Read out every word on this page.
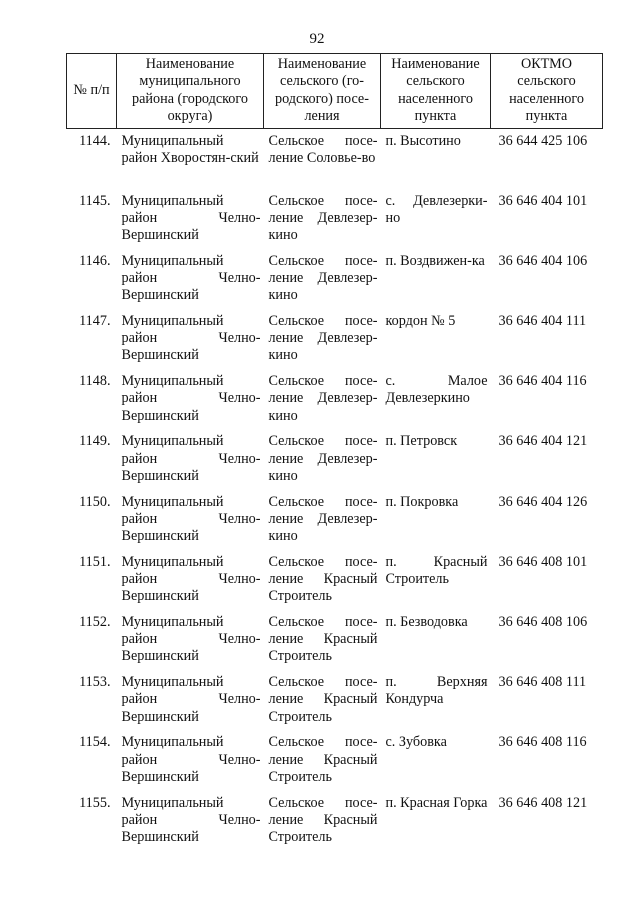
92
№ п/п	Наименование муниципального района (городского округа)	Наименование сельского (го-родского) посе-ления	Наименование сельского населенного пункта	ОКТМО сельского населенного пункта
1144.	Муниципальный район Хворостян-ский	Сельское посе-ление Соловье-во	п. Высотино	36 644 425 106
1145.	Муниципальный район Челно-Вершинский	Сельское посе-ление Девлезер-кино	с. Девлезерки-но	36 646 404 101
1146.	Муниципальный район Челно-Вершинский	Сельское посе-ление Девлезер-кино	п. Воздвижен-ка	36 646 404 106
1147.	Муниципальный район Челно-Вершинский	Сельское посе-ление Девлезер-кино	кордон № 5	36 646 404 111
1148.	Муниципальный район Челно-Вершинский	Сельское посе-ление Девлезер-кино	с. Малое Девлезеркино	36 646 404 116
1149.	Муниципальный район Челно-Вершинский	Сельское посе-ление Девлезер-кино	п. Петровск	36 646 404 121
1150.	Муниципальный район Челно-Вершинский	Сельское посе-ление Девлезер-кино	п. Покровка	36 646 404 126
1151.	Муниципальный район Челно-Вершинский	Сельское посе-ление Красный Строитель	п. Красный Строитель	36 646 408 101
1152.	Муниципальный район Челно-Вершинский	Сельское посе-ление Красный Строитель	п. Безводовка	36 646 408 106
1153.	Муниципальный район Челно-Вершинский	Сельское посе-ление Красный Строитель	п. Верхняя Кондурча	36 646 408 111
1154.	Муниципальный район Челно-Вершинский	Сельское посе-ление Красный Строитель	с. Зубовка	36 646 408 116
1155.	Муниципальный район Челно-Вершинский	Сельское посе-ление Красный Строитель	п. Красная Горка	36 646 408 121
